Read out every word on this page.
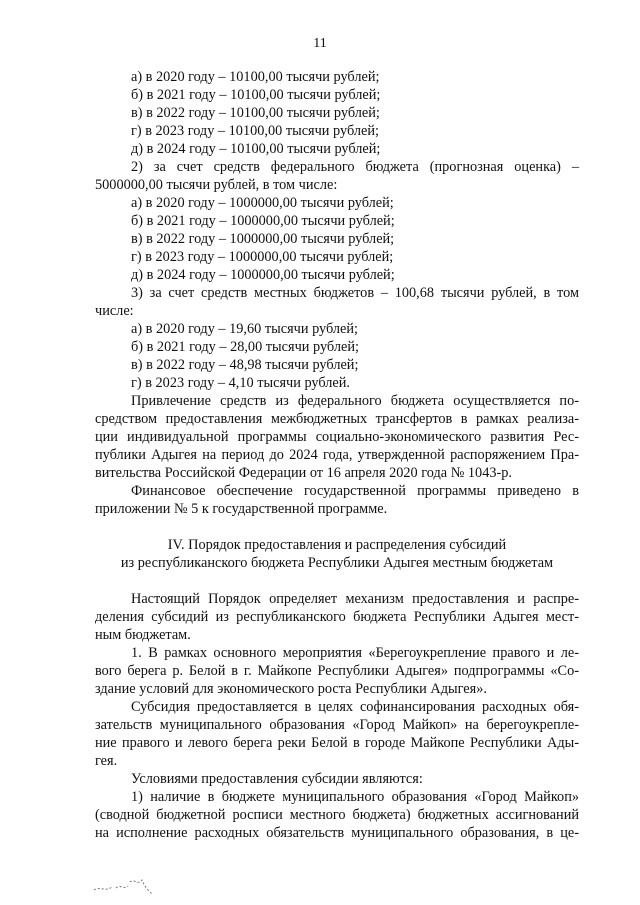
11
а) в 2020 году – 10100,00 тысячи рублей;
б) в 2021 году – 10100,00 тысячи рублей;
в) в 2022 году – 10100,00 тысячи рублей;
г) в 2023 году – 10100,00 тысячи рублей;
д) в 2024 году – 10100,00 тысячи рублей;
2) за счет средств федерального бюджета (прогнозная оценка) –
5000000,00 тысячи рублей, в том числе:
а) в 2020 году – 1000000,00 тысячи рублей;
б) в 2021 году – 1000000,00 тысячи рублей;
в) в 2022 году – 1000000,00 тысячи рублей;
г) в 2023 году – 1000000,00 тысячи рублей;
д) в 2024 году – 1000000,00 тысячи рублей;
3) за счет средств местных бюджетов – 100,68 тысячи рублей, в том
числе:
а) в 2020 году – 19,60 тысячи рублей;
б) в 2021 году – 28,00 тысячи рублей;
в) в 2022 году – 48,98 тысячи рублей;
г) в 2023 году – 4,10 тысячи рублей.
Привлечение средств из федерального бюджета осуществляется по-
средством предоставления межбюджетных трансфертов в рамках реализа-
ции индивидуальной программы социально-экономического развития Рес-
публики Адыгея на период до 2024 года, утвержденной распоряжением Пра-
вительства Российской Федерации от 16 апреля 2020 года № 1043-р.
Финансовое обеспечение государственной программы приведено в
приложении № 5 к государственной программе.
IV. Порядок предоставления и распределения субсидий
из республиканского бюджета Республики Адыгея местным бюджетам
Настоящий Порядок определяет механизм предоставления и распре-
деления субсидий из республиканского бюджета Республики Адыгея мест-
ным бюджетам.
1. В рамках основного мероприятия «Берегоукрепление правого и ле-
вого берега р. Белой в г. Майкопе Республики Адыгея» подпрограммы «Со-
здание условий для экономического роста Республики Адыгея».
Субсидия предоставляется в целях софинансирования расходных обя-
зательств муниципального образования «Город Майкоп» на берегоукрепле-
ние правого и левого берега реки Белой в городе Майкопе Республики Ады-
гея.
Условиями предоставления субсидии являются:
1) наличие в бюджете муниципального образования «Город Майкоп»
(сводной бюджетной росписи местного бюджета) бюджетных ассигнований
на исполнение расходных обязательств муниципального образования, в це-
